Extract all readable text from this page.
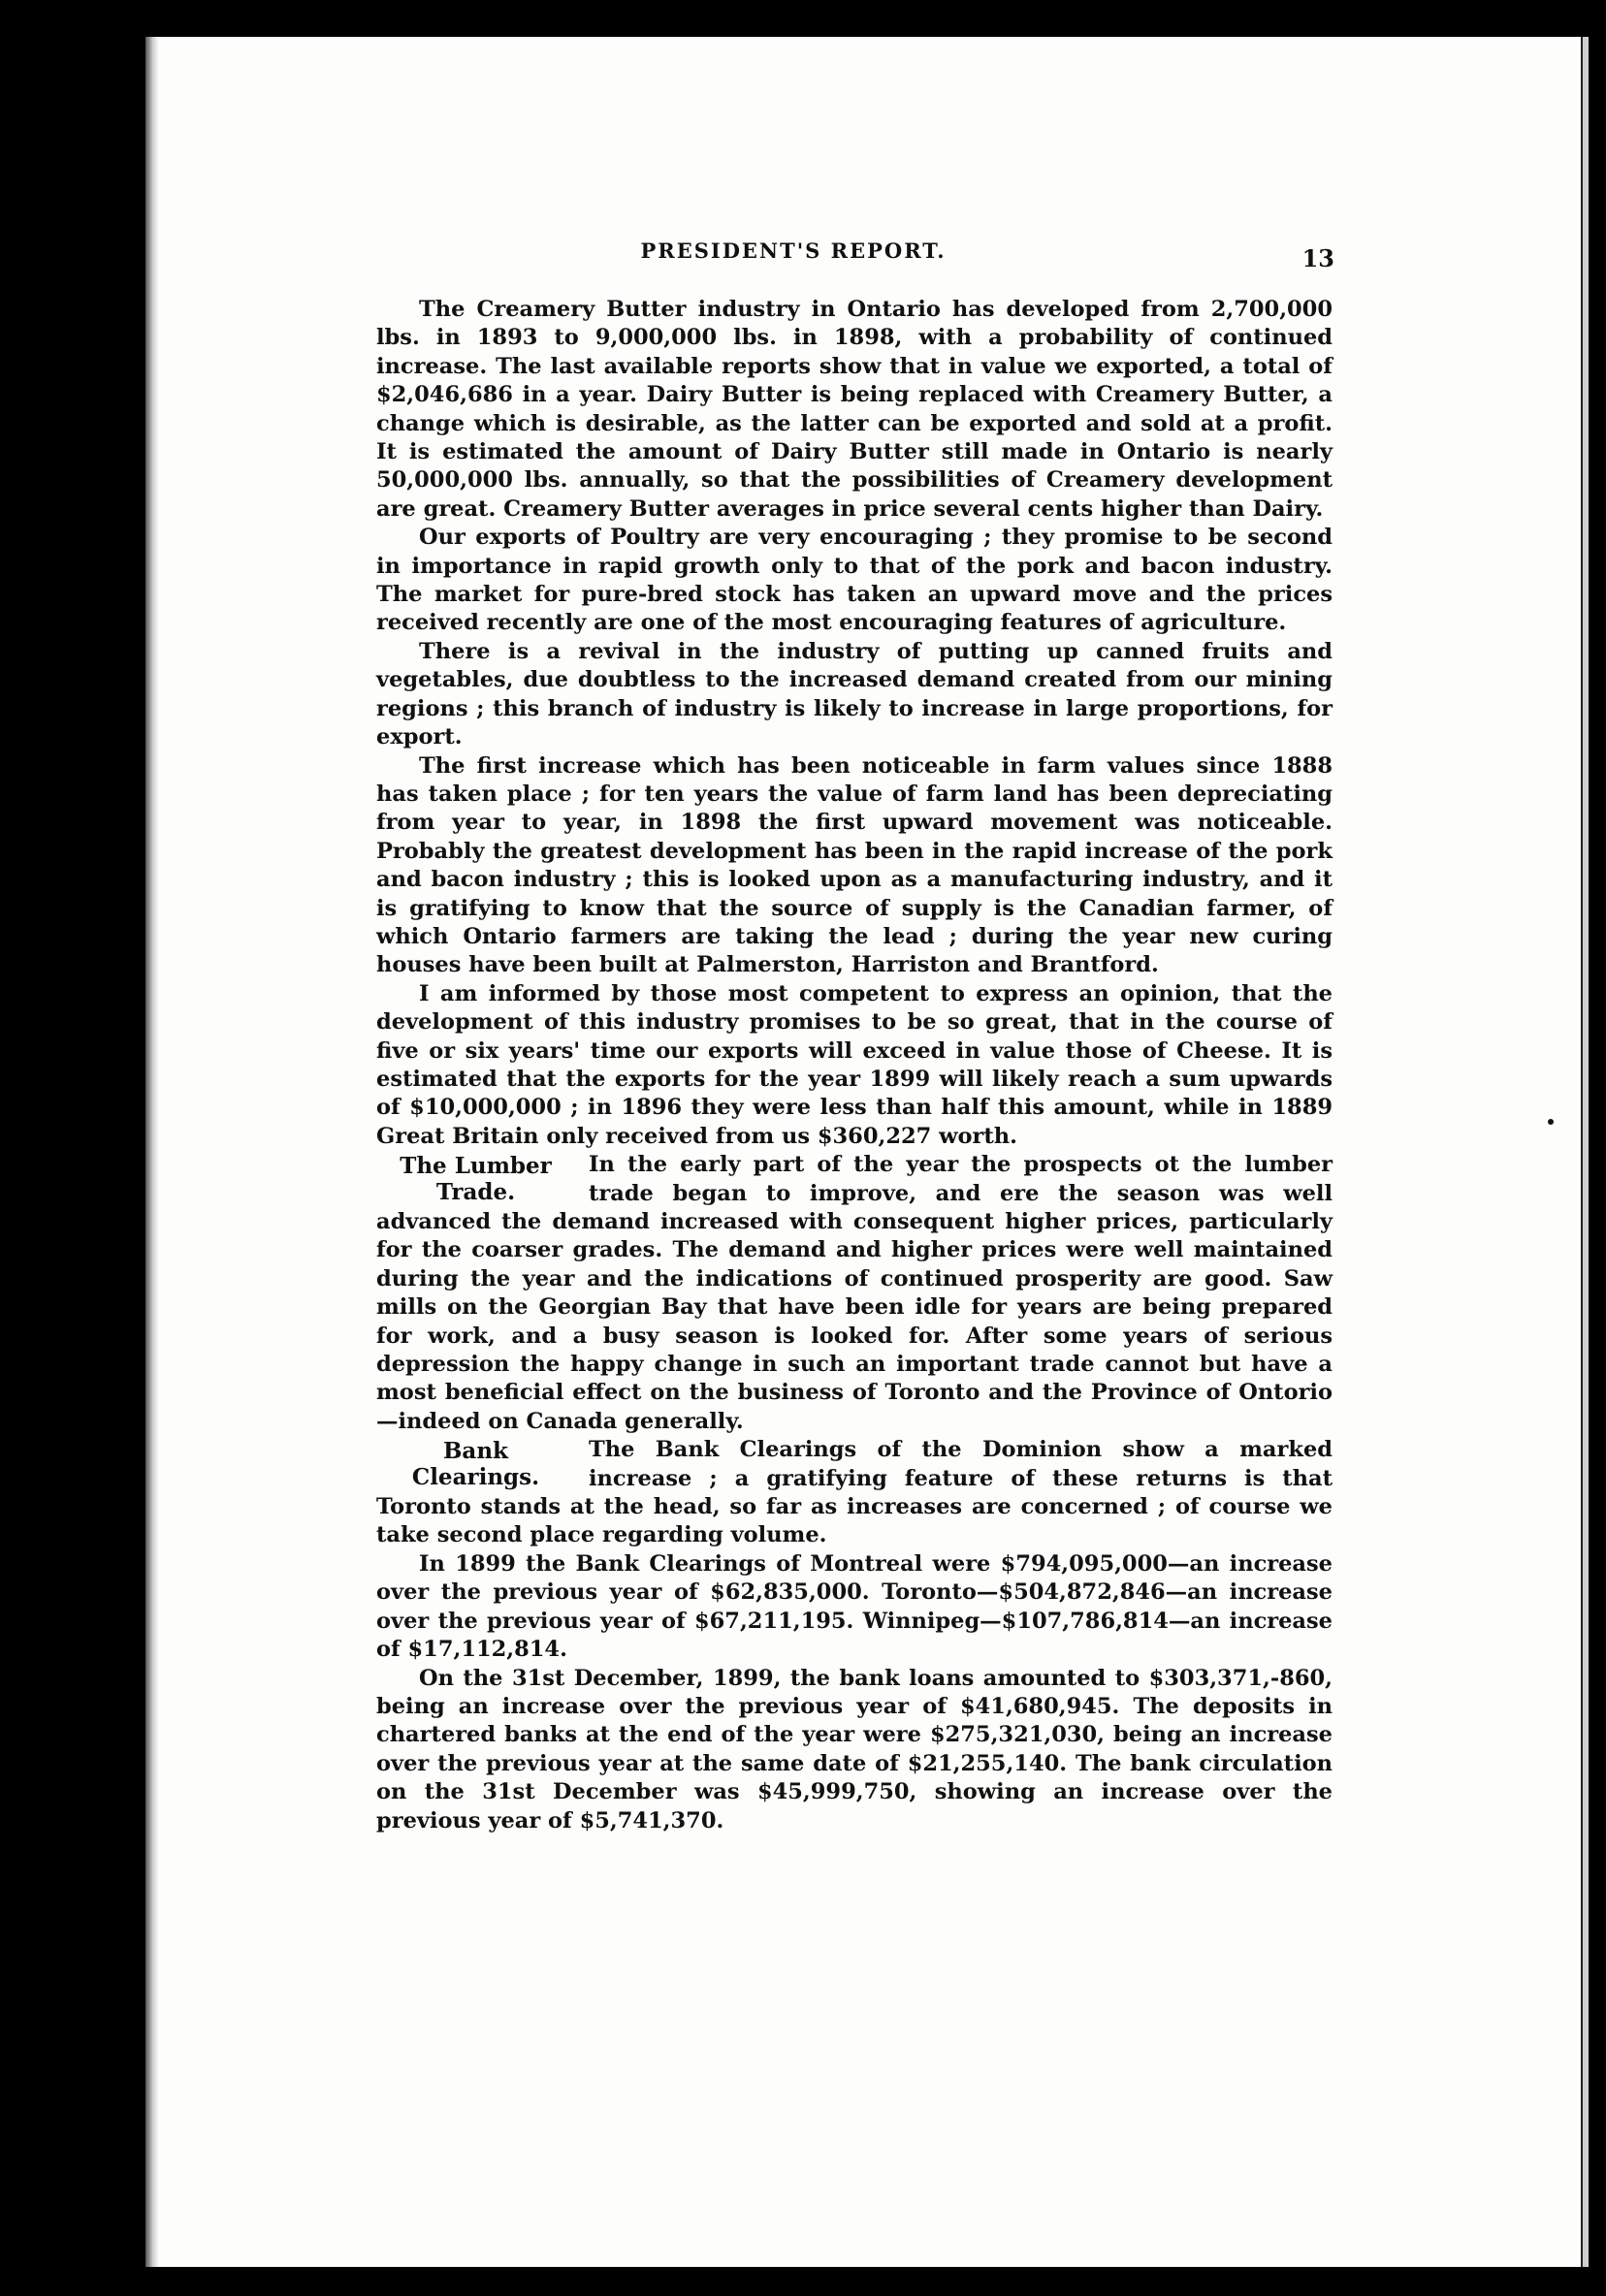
PRESIDENT'S REPORT.	13

The Creamery Butter industry in Ontario has developed from 2,700,000 lbs. in 1893 to 9,000,000 lbs. in 1898, with a probability of continued increase. The last available reports show that in value we exported, a total of $2,046,686 in a year. Dairy Butter is being replaced with Creamery Butter, a change which is desirable, as the latter can be exported and sold at a profit. It is estimated the amount of Dairy Butter still made in Ontario is nearly 50,000,000 lbs. annually, so that the possibilities of Creamery development are great. Creamery Butter averages in price several cents higher than Dairy.

Our exports of Poultry are very encouraging ; they promise to be second in importance in rapid growth only to that of the pork and bacon industry. The market for pure-bred stock has taken an upward move and the prices received recently are one of the most encouraging features of agriculture.

There is a revival in the industry of putting up canned fruits and vegetables, due doubtless to the increased demand created from our mining regions ; this branch of industry is likely to increase in large proportions, for export.

The first increase which has been noticeable in farm values since 1888 has taken place ; for ten years the value of farm land has been depreciating from year to year, in 1898 the first upward movement was noticeable. Probably the greatest development has been in the rapid increase of the pork and bacon industry ; this is looked upon as a manufacturing industry, and it is gratifying to know that the source of supply is the Canadian farmer, of which Ontario farmers are taking the lead ; during the year new curing houses have been built at Palmerston, Harriston and Brantford.

I am informed by those most competent to express an opinion, that the development of this industry promises to be so great, that in the course of five or six years' time our exports will exceed in value those of Cheese. It is estimated that the exports for the year 1899 will likely reach a sum upwards of $10,000,000 ; in 1896 they were less than half this amount, while in 1889 Great Britain only received from us $360,227 worth.

The Lumber
Trade.

In the early part of the year the prospects ot the lumber trade began to improve, and ere the season was well advanced the demand increased with consequent higher prices, particularly for the coarser grades. The demand and higher prices were well maintained during the year and the indications of continued prosperity are good. Saw mills on the Georgian Bay that have been idle for years are being prepared for work, and a busy season is looked for. After some years of serious depression the happy change in such an important trade cannot but have a most beneficial effect on the business of Toronto and the Province of Ontorio—indeed on Canada generally.

Bank
Clearings.

The Bank Clearings of the Dominion show a marked increase ; a gratifying feature of these returns is that Toronto stands at the head, so far as increases are concerned ; of course we take second place regarding volume.

In 1899 the Bank Clearings of Montreal were $794,095,000—an increase over the previous year of $62,835,000. Toronto—$504,872,846—an increase over the previous year of $67,211,195. Winnipeg—$107,786,814—an increase of $17,112,814.

On the 31st December, 1899, the bank loans amounted to $303,371,-860, being an increase over the previous year of $41,680,945. The deposits in chartered banks at the end of the year were $275,321,030, being an increase over the previous year at the same date of $21,255,140. The bank circulation on the 31st December was $45,999,750, showing an increase over the previous year of $5,741,370.
